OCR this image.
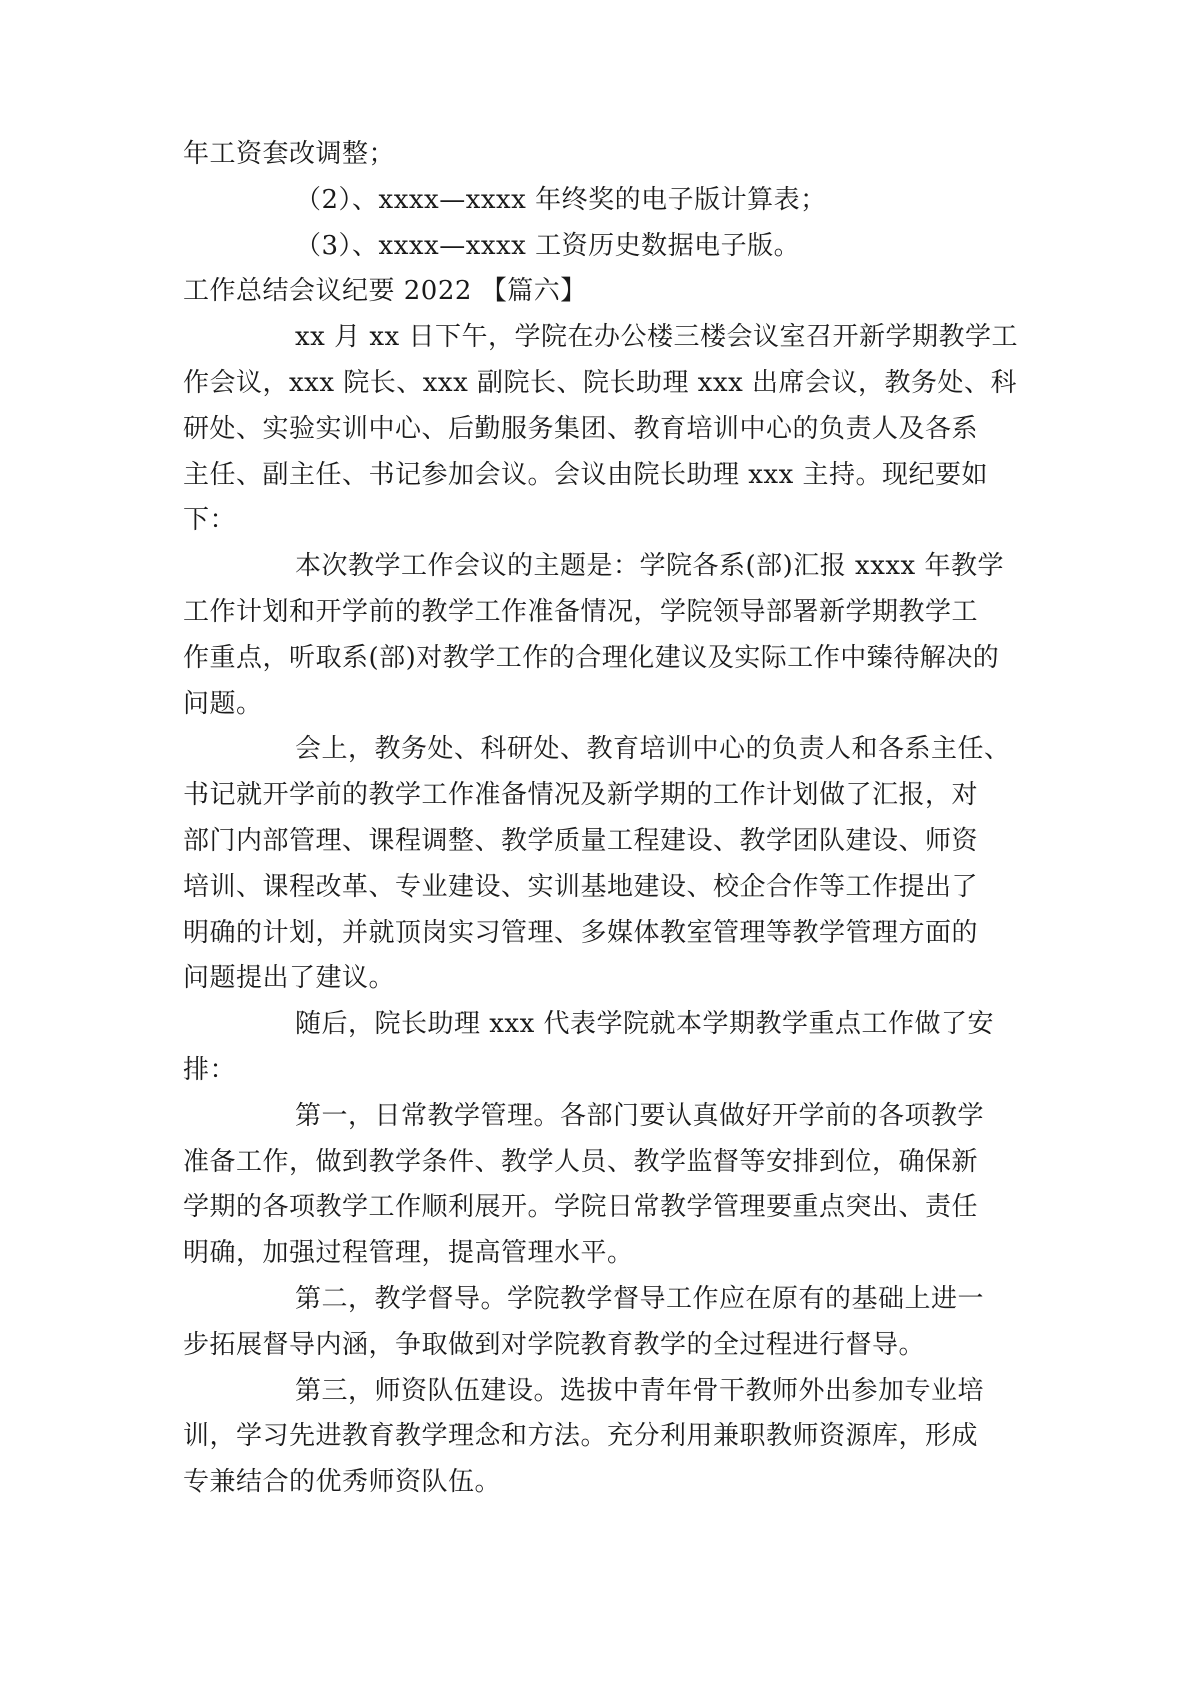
年工资套改调整；
（2）、xxxx—xxxx 年终奖的电子版计算表；
（3）、xxxx—xxxx 工资历史数据电子版。
工作总结会议纪要 2022 【篇六】
xx 月 xx 日下午，学院在办公楼三楼会议室召开新学期教学工
作会议，xxx 院长、xxx 副院长、院长助理 xxx 出席会议，教务处、科
研处、实验实训中心、后勤服务集团、教育培训中心的负责人及各系
主任、副主任、书记参加会议。会议由院长助理 xxx 主持。现纪要如
下：
本次教学工作会议的主题是：学院各系(部)汇报 xxxx 年教学
工作计划和开学前的教学工作准备情况，学院领导部署新学期教学工
作重点，听取系(部)对教学工作的合理化建议及实际工作中臻待解决的
问题。
会上，教务处、科研处、教育培训中心的负责人和各系主任、
书记就开学前的教学工作准备情况及新学期的工作计划做了汇报，对
部门内部管理、课程调整、教学质量工程建设、教学团队建设、师资
培训、课程改革、专业建设、实训基地建设、校企合作等工作提出了
明确的计划，并就顶岗实习管理、多媒体教室管理等教学管理方面的
问题提出了建议。
随后，院长助理 xxx 代表学院就本学期教学重点工作做了安
排：
第一，日常教学管理。各部门要认真做好开学前的各项教学
准备工作，做到教学条件、教学人员、教学监督等安排到位，确保新
学期的各项教学工作顺利展开。学院日常教学管理要重点突出、责任
明确，加强过程管理，提高管理水平。
第二，教学督导。学院教学督导工作应在原有的基础上进一
步拓展督导内涵，争取做到对学院教育教学的全过程进行督导。
第三，师资队伍建设。选拔中青年骨干教师外出参加专业培
训，学习先进教育教学理念和方法。充分利用兼职教师资源库，形成
专兼结合的优秀师资队伍。
